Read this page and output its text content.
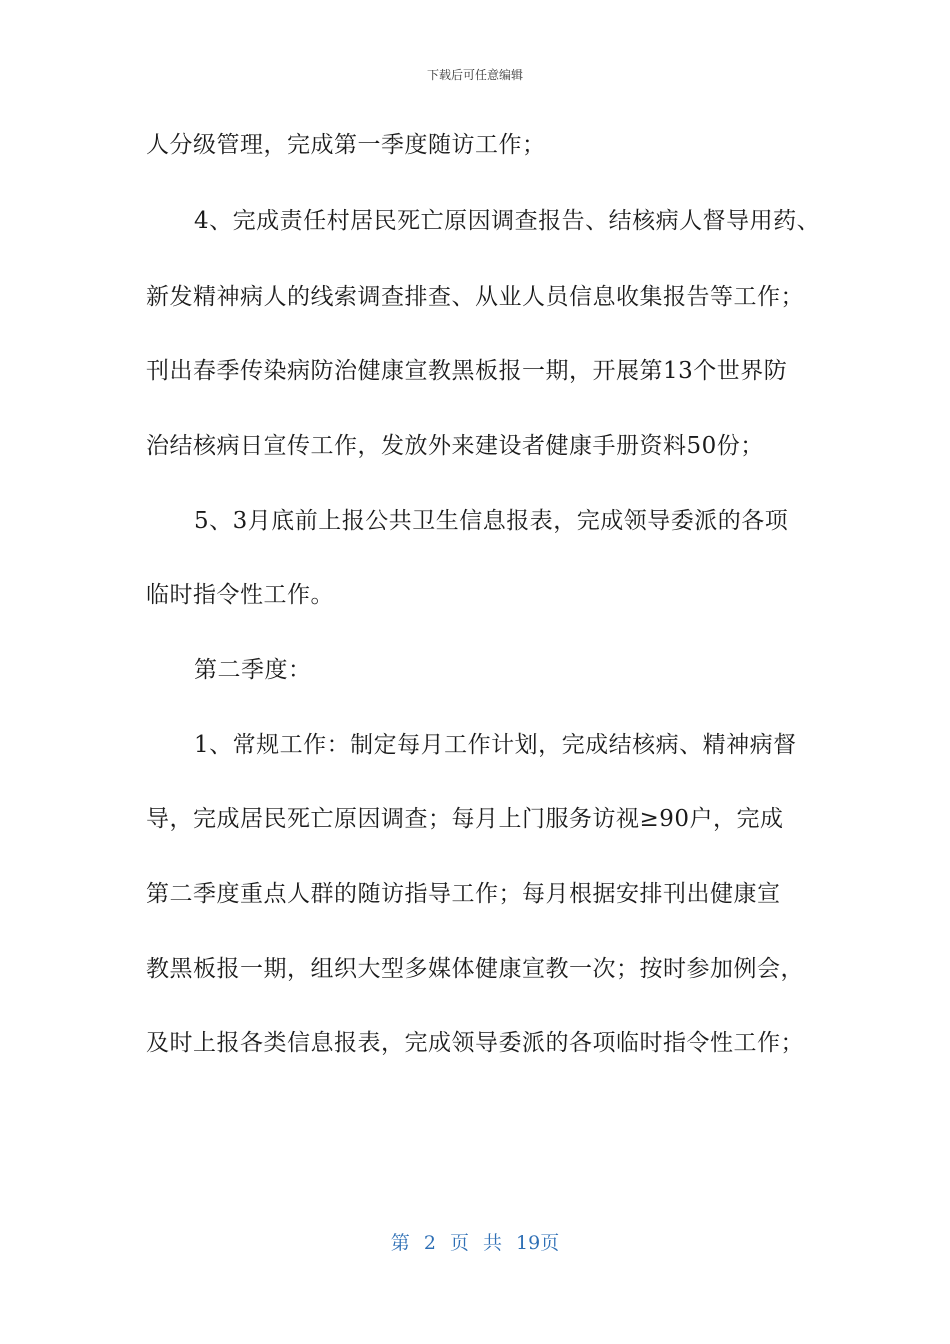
下载后可任意编辑
人分级管理，完成第一季度随访工作；
4、完成责任村居民死亡原因调查报告、结核病人督导用药、
新发精神病人的线索调查排查、从业人员信息收集报告等工作；
刊出春季传染病防治健康宣教黑板报一期，开展第13个世界防
治结核病日宣传工作，发放外来建设者健康手册资料50份；
5、3月底前上报公共卫生信息报表，完成领导委派的各项
临时指令性工作。
第二季度：
1、常规工作：制定每月工作计划，完成结核病、精神病督
导，完成居民死亡原因调查；每月上门服务访视≥90户，完成
第二季度重点人群的随访指导工作；每月根据安排刊出健康宣
教黑板报一期，组织大型多媒体健康宣教一次；按时参加例会，
及时上报各类信息报表，完成领导委派的各项临时指令性工作；
第 2 页 共 19页
